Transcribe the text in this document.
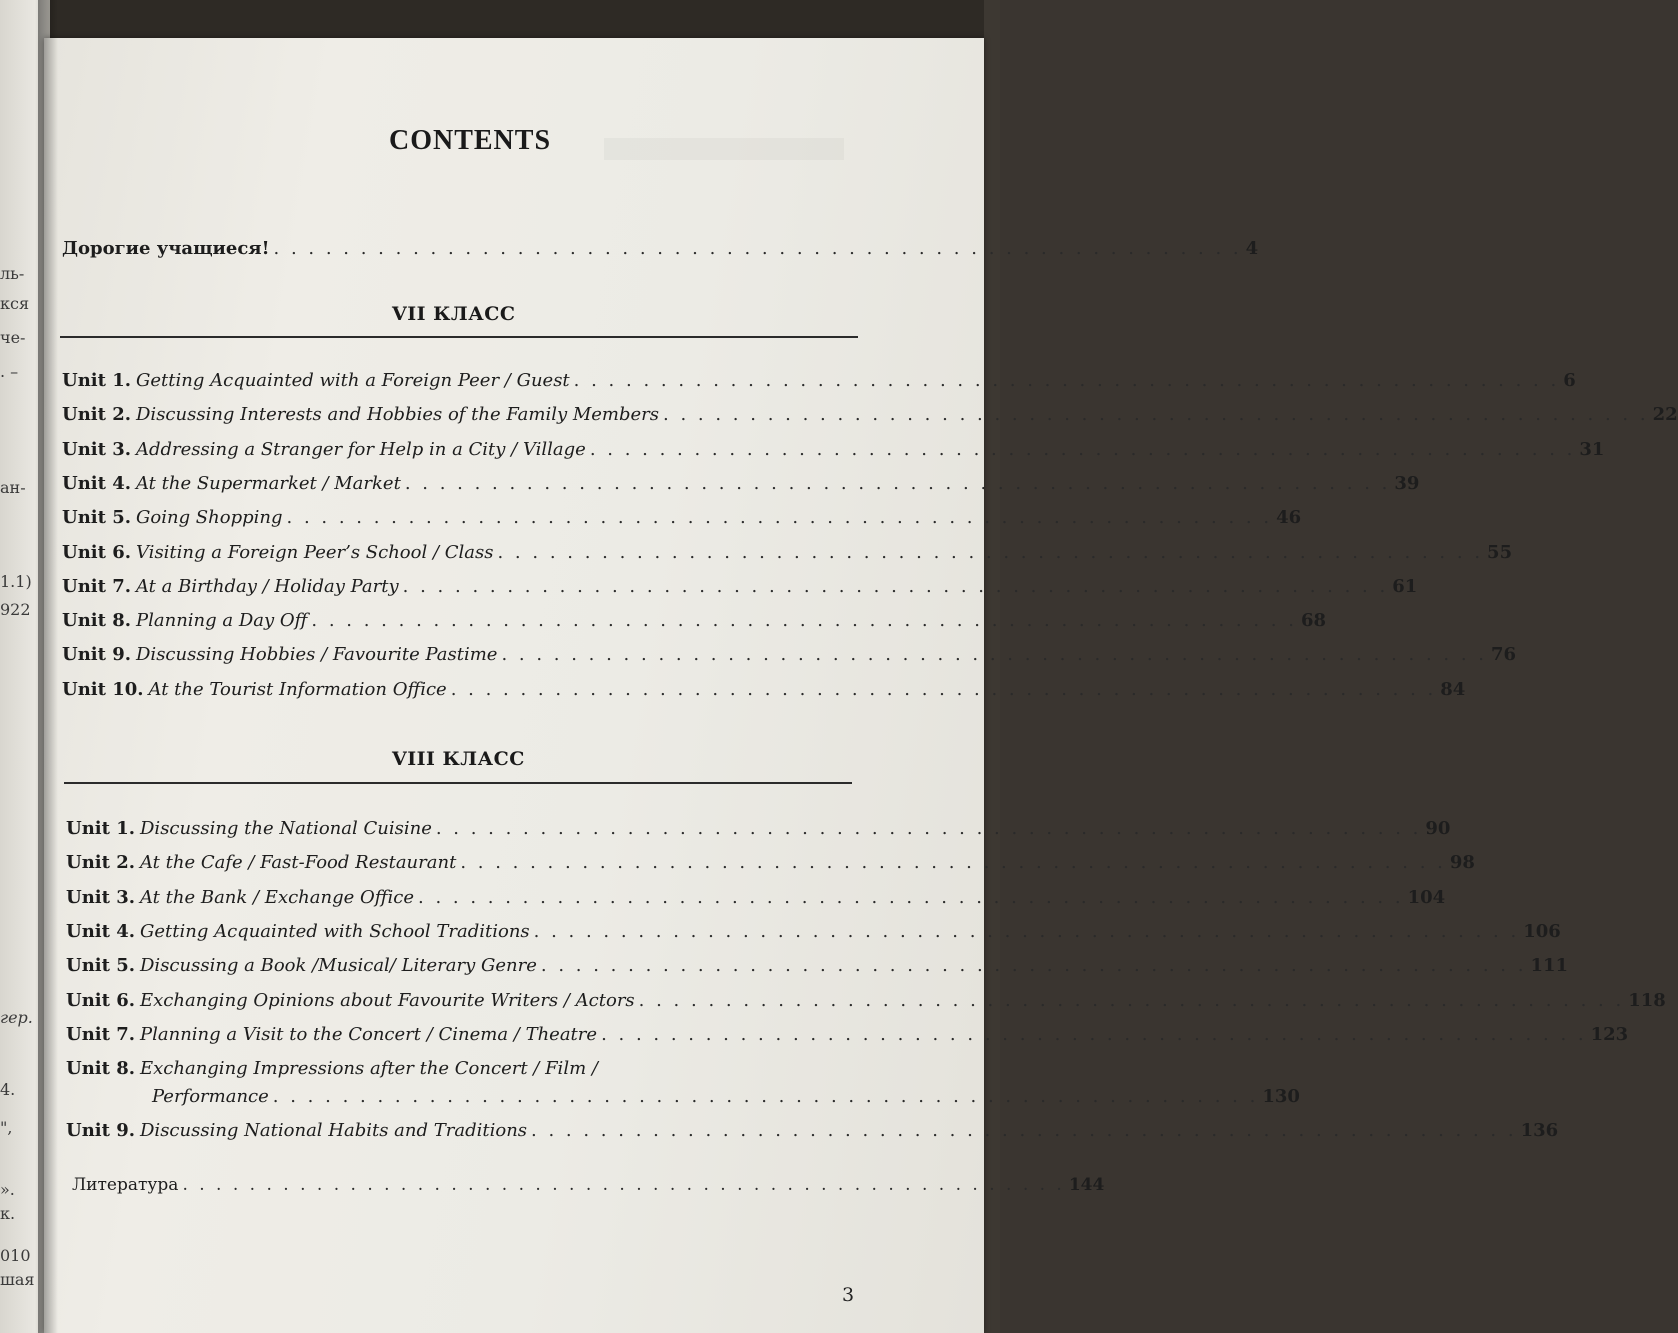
ль-
кся
че-
. –
ан-
1.1)
922
гер.
4.
",
».
к.
010
шая
CONTENTS
Дорогие учащиеся! . . . . . . . . . . . . . . . . . . . . . . . . . . . . . . . . . . . . . . . . . . . . . . . . . . . . . . . . 4
VII КЛАСС
Unit 1. Getting Acquainted with a Foreign Peer / Guest . . . . . . . . . . . . . . . . . . . . . . . . . . . . . . . . . . . . . . . . . . . . . . . . . . . . . . . . . 6
Unit 2. Discussing Interests and Hobbies of the Family Members . . . . . . . . . . . . . . . . . . . . . . . . . . . . . . . . . . . . . . . . . . . . . . . . . . . . . . . . . 22
Unit 3. Addressing a Stranger for Help in a City / Village . . . . . . . . . . . . . . . . . . . . . . . . . . . . . . . . . . . . . . . . . . . . . . . . . . . . . . . . . 31
Unit 4. At the Supermarket / Market . . . . . . . . . . . . . . . . . . . . . . . . . . . . . . . . . . . . . . . . . . . . . . . . . . . . . . . . . 39
Unit 5. Going Shopping . . . . . . . . . . . . . . . . . . . . . . . . . . . . . . . . . . . . . . . . . . . . . . . . . . . . . . . . . 46
Unit 6. Visiting a Foreign Peer’s School / Class . . . . . . . . . . . . . . . . . . . . . . . . . . . . . . . . . . . . . . . . . . . . . . . . . . . . . . . . . 55
Unit 7. At a Birthday / Holiday Party . . . . . . . . . . . . . . . . . . . . . . . . . . . . . . . . . . . . . . . . . . . . . . . . . . . . . . . . . 61
Unit 8. Planning a Day Off . . . . . . . . . . . . . . . . . . . . . . . . . . . . . . . . . . . . . . . . . . . . . . . . . . . . . . . . . 68
Unit 9. Discussing Hobbies / Favourite Pastime . . . . . . . . . . . . . . . . . . . . . . . . . . . . . . . . . . . . . . . . . . . . . . . . . . . . . . . . . 76
Unit 10. At the Tourist Information Office . . . . . . . . . . . . . . . . . . . . . . . . . . . . . . . . . . . . . . . . . . . . . . . . . . . . . . . . . 84
VIII КЛАСС
Unit 1. Discussing the National Cuisine . . . . . . . . . . . . . . . . . . . . . . . . . . . . . . . . . . . . . . . . . . . . . . . . . . . . . . . . . 90
Unit 2. At the Cafe / Fast-Food Restaurant . . . . . . . . . . . . . . . . . . . . . . . . . . . . . . . . . . . . . . . . . . . . . . . . . . . . . . . . . 98
Unit 3. At the Bank / Exchange Office . . . . . . . . . . . . . . . . . . . . . . . . . . . . . . . . . . . . . . . . . . . . . . . . . . . . . . . . . 104
Unit 4. Getting Acquainted with School Traditions . . . . . . . . . . . . . . . . . . . . . . . . . . . . . . . . . . . . . . . . . . . . . . . . . . . . . . . . . 106
Unit 5. Discussing a Book /Musical/ Literary Genre . . . . . . . . . . . . . . . . . . . . . . . . . . . . . . . . . . . . . . . . . . . . . . . . . . . . . . . . . 111
Unit 6. Exchanging Opinions about Favourite Writers / Actors . . . . . . . . . . . . . . . . . . . . . . . . . . . . . . . . . . . . . . . . . . . . . . . . . . . . . . . . . 118
Unit 7. Planning a Visit to the Concert / Cinema / Theatre . . . . . . . . . . . . . . . . . . . . . . . . . . . . . . . . . . . . . . . . . . . . . . . . . . . . . . . . . 123
Unit 8. Exchanging Impressions after the Concert / Film /
Performance . . . . . . . . . . . . . . . . . . . . . . . . . . . . . . . . . . . . . . . . . . . . . . . . . . . . . . . . . 130
Unit 9. Discussing National Habits and Traditions . . . . . . . . . . . . . . . . . . . . . . . . . . . . . . . . . . . . . . . . . . . . . . . . . . . . . . . . . 136
Литература . . . . . . . . . . . . . . . . . . . . . . . . . . . . . . . . . . . . . . . . . . . . . . . . . . . . . 144
3
